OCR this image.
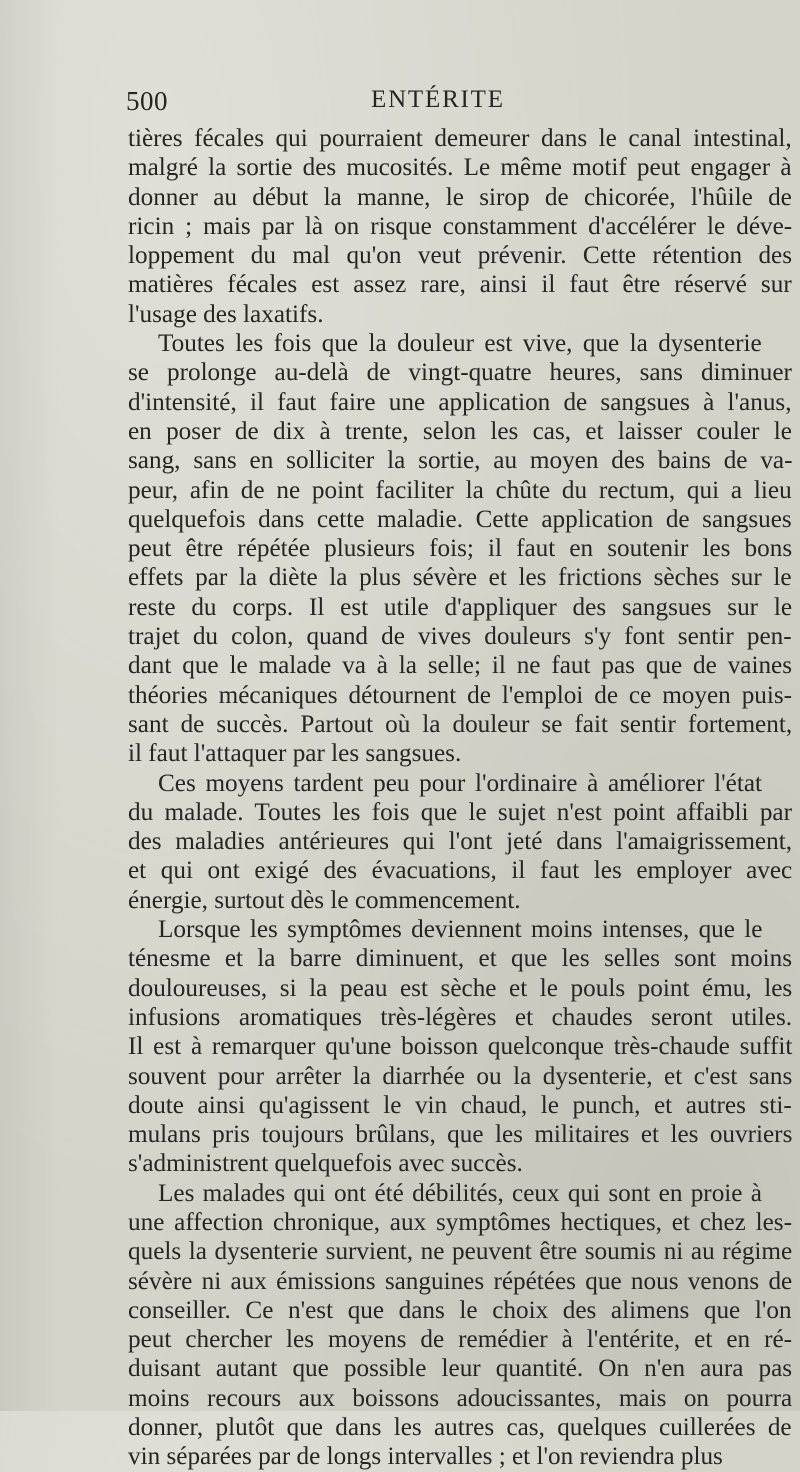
500	ENTÉRITE
tières fécales qui pourraient demeurer dans le canal intestinal,
malgré la sortie des mucosités. Le même motif peut engager à
donner au début la manne, le sirop de chicorée, l'hûile de
ricin ; mais par là on risque constamment d'accélérer le déve-
loppement du mal qu'on veut prévenir. Cette rétention des
matières fécales est assez rare, ainsi il faut être réservé sur
l'usage des laxatifs.
Toutes les fois que la douleur est vive, que la dysenterie
se prolonge au-delà de vingt-quatre heures, sans diminuer
d'intensité, il faut faire une application de sangsues à l'anus,
en poser de dix à trente, selon les cas, et laisser couler le
sang, sans en solliciter la sortie, au moyen des bains de va-
peur, afin de ne point faciliter la chûte du rectum, qui a lieu
quelquefois dans cette maladie. Cette application de sangsues
peut être répétée plusieurs fois; il faut en soutenir les bons
effets par la diète la plus sévère et les frictions sèches sur le
reste du corps. Il est utile d'appliquer des sangsues sur le
trajet du colon, quand de vives douleurs s'y font sentir pen-
dant que le malade va à la selle; il ne faut pas que de vaines
théories mécaniques détournent de l'emploi de ce moyen puis-
sant de succès. Partout où la douleur se fait sentir fortement,
il faut l'attaquer par les sangsues.
Ces moyens tardent peu pour l'ordinaire à améliorer l'état
du malade. Toutes les fois que le sujet n'est point affaibli par
des maladies antérieures qui l'ont jeté dans l'amaigrissement,
et qui ont exigé des évacuations, il faut les employer avec
énergie, surtout dès le commencement.
Lorsque les symptômes deviennent moins intenses, que le
ténesme et la barre diminuent, et que les selles sont moins
douloureuses, si la peau est sèche et le pouls point ému, les
infusions aromatiques très-légères et chaudes seront utiles.
Il est à remarquer qu'une boisson quelconque très-chaude suffit
souvent pour arrêter la diarrhée ou la dysenterie, et c'est sans
doute ainsi qu'agissent le vin chaud, le punch, et autres sti-
mulans pris toujours brûlans, que les militaires et les ouvriers
s'administrent quelquefois avec succès.
Les malades qui ont été débilités, ceux qui sont en proie à
une affection chronique, aux symptômes hectiques, et chez les-
quels la dysenterie survient, ne peuvent être soumis ni au régime
sévère ni aux émissions sanguines répétées que nous venons de
conseiller. Ce n'est que dans le choix des alimens que l'on
peut chercher les moyens de remédier à l'entérite, et en ré-
duisant autant que possible leur quantité. On n'en aura pas
moins recours aux boissons adoucissantes, mais on pourra
donner, plutôt que dans les autres cas, quelques cuillerées de
vin séparées par de longs intervalles ; et l'on reviendra plus
